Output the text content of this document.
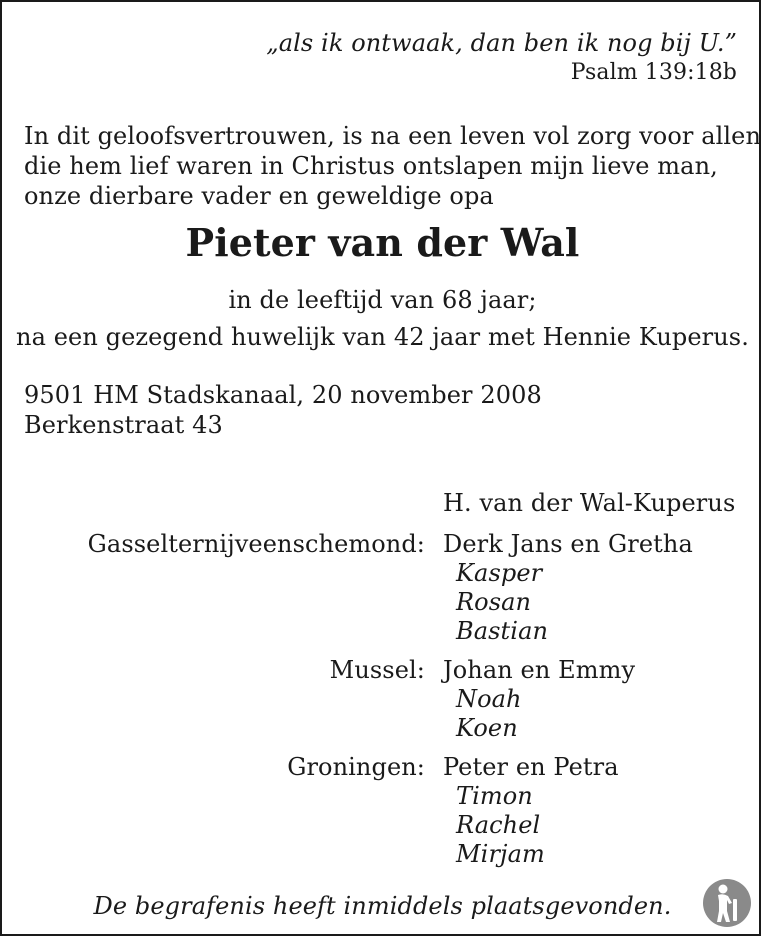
„als ik ontwaak, dan ben ik nog bij U.”

Psalm 139:18b

In dit geloofsvertrouwen, is na een leven vol zorg voor allen
die hem lief waren in Christus ontslapen mijn lieve man,
onze dierbare vader en geweldige opa
Pieter van der Wal

in de leeftijd van 68 jaar;

na een gezegend huwelijk van 42 jaar met Hennie Kuperus.

9501 HM Stadskanaal, 20 november 2008
Berkenstraat 43

H. van der Wal-Kuperus

Gasselternijveenschemond: Derk Jans en Gretha

Kasper

Rosan

Bastian

Mussel: Johan en Emmy

Noah

Koen

Groningen: Peter en Petra

Timon

Rachel

Mirjam

De begrafenis heeft inmiddels plaatsgevonden.
